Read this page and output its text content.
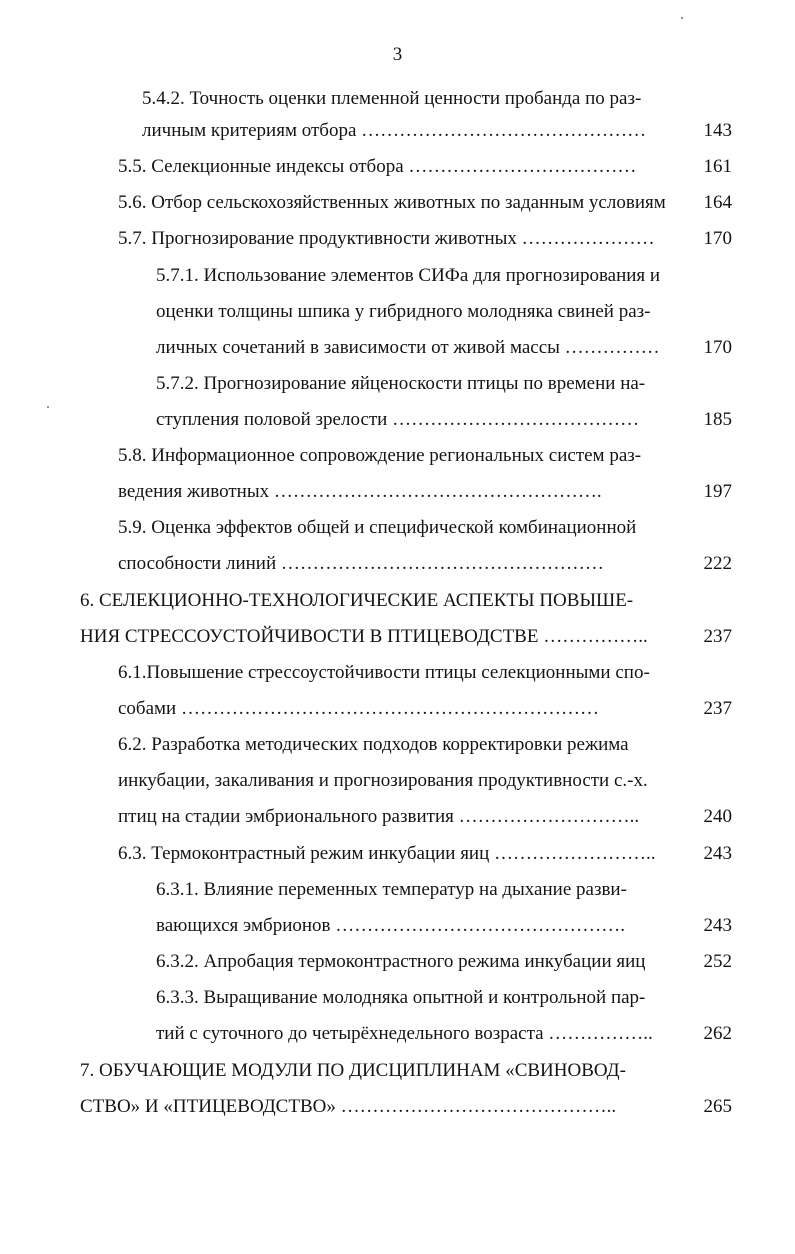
3
5.4.2. Точность оценки племенной ценности пробанда по раз-
личным критериям отбора ………………………………………	143
5.5. Селекционные индексы отбора ………………………………	161
5.6. Отбор сельскохозяйственных животных по заданным условиям	164
5.7. Прогнозирование продуктивности животных …………………	170
5.7.1. Использование элементов СИФа для прогнозирования и
оценки толщины шпика у гибридного молодняка свиней раз-
личных сочетаний в зависимости от живой массы ……………	170
5.7.2. Прогнозирование яйценоскости птицы по времени на-
ступления половой зрелости …………………………………	185
5.8. Информационное сопровождение региональных систем раз-
ведения животных …………………………………………….	197
5.9. Оценка эффектов общей и специфической комбинационной
способности линий ……………………………………………	222
6. СЕЛЕКЦИОННО-ТЕХНОЛОГИЧЕСКИЕ АСПЕКТЫ ПОВЫШЕ-
НИЯ СТРЕССОУСТОЙЧИВОСТИ В ПТИЦЕВОДСТВЕ ……………..	237
6.1.Повышение стрессоустойчивости птицы селекционными спо-
собами …………………………………………………………	237
6.2. Разработка методических подходов корректировки режима
инкубации, закаливания и прогнозирования продуктивности с.-х.
птиц на стадии эмбрионального развития ………………………..	240
6.3. Термоконтрастный режим инкубации яиц ……………………..	243
6.3.1. Влияние переменных температур на дыхание разви-
вающихся эмбрионов ……………………………………….	243
6.3.2. Апробация термоконтрастного режима инкубации яиц	252
6.3.3. Выращивание молодняка опытной и контрольной пар-
тий с суточного до четырёхнедельного возраста ……………..	262
7. ОБУЧАЮЩИЕ МОДУЛИ ПО ДИСЦИПЛИНАМ «СВИНОВОД-
СТВО» И «ПТИЦЕВОДСТВО» ……………………………………..	265
